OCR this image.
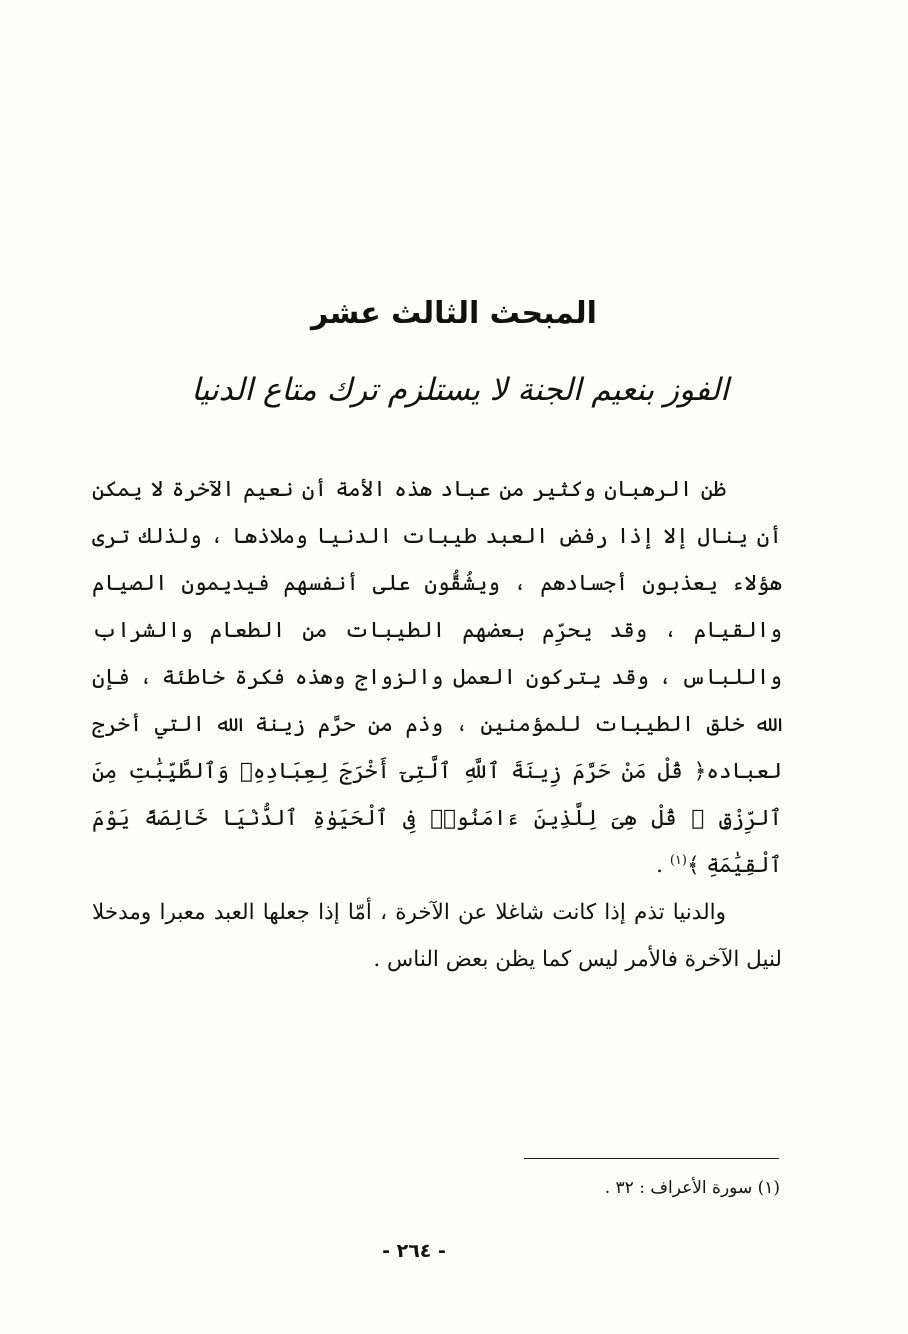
المبحث الثالث عشر
الفوز بنعيم الجنة لا يستلزم ترك متاع الدنيا

ظن الرهبان وكثير من عباد هذه الأمة أن نعيم الآخرة لا يمكن أن ينال إلا إذا رفض العبد طيبات الدنيا وملاذها ، ولذلك ترى هؤلاء يعذبون أجسادهم ، ويشُقُّون على أنفسهم فيديمون الصيام والقيام ، وقد يحرِّم بعضهم الطيبات من الطعام والشراب واللباس ، وقد يتركون العمل والزواج وهذه فكرة خاطئة ، فإن الله خلق الطيبات للمؤمنين ، وذم من حرَّم زينة الله التي أخرج لعباده﴿ قُلْ مَنْ حَرَّمَ زِينَةَ ٱللَّهِ ٱلَّتِىٓ أَخْرَجَ لِعِبَادِهِۦ وَٱلطَّيِّبَٰتِ مِنَ ٱلرِّزْقِ ۚ قُلْ هِىَ لِلَّذِينَ ءَامَنُوا۟ فِى ٱلْحَيَوٰةِ ٱلدُّنْيَا خَالِصَةً يَوْمَ ٱلْقِيَٰمَةِ ﴾$^{(١)}$ .

والدنيا تذم إذا كانت شاغلا عن الآخرة ، أمّا إذا جعلها العبد معبرا ومدخلا لنيل الآخرة فالأمر ليس كما يظن بعض الناس .

(١) سورة الأعراف : ٣٢ .
- ٢٦٤ -
